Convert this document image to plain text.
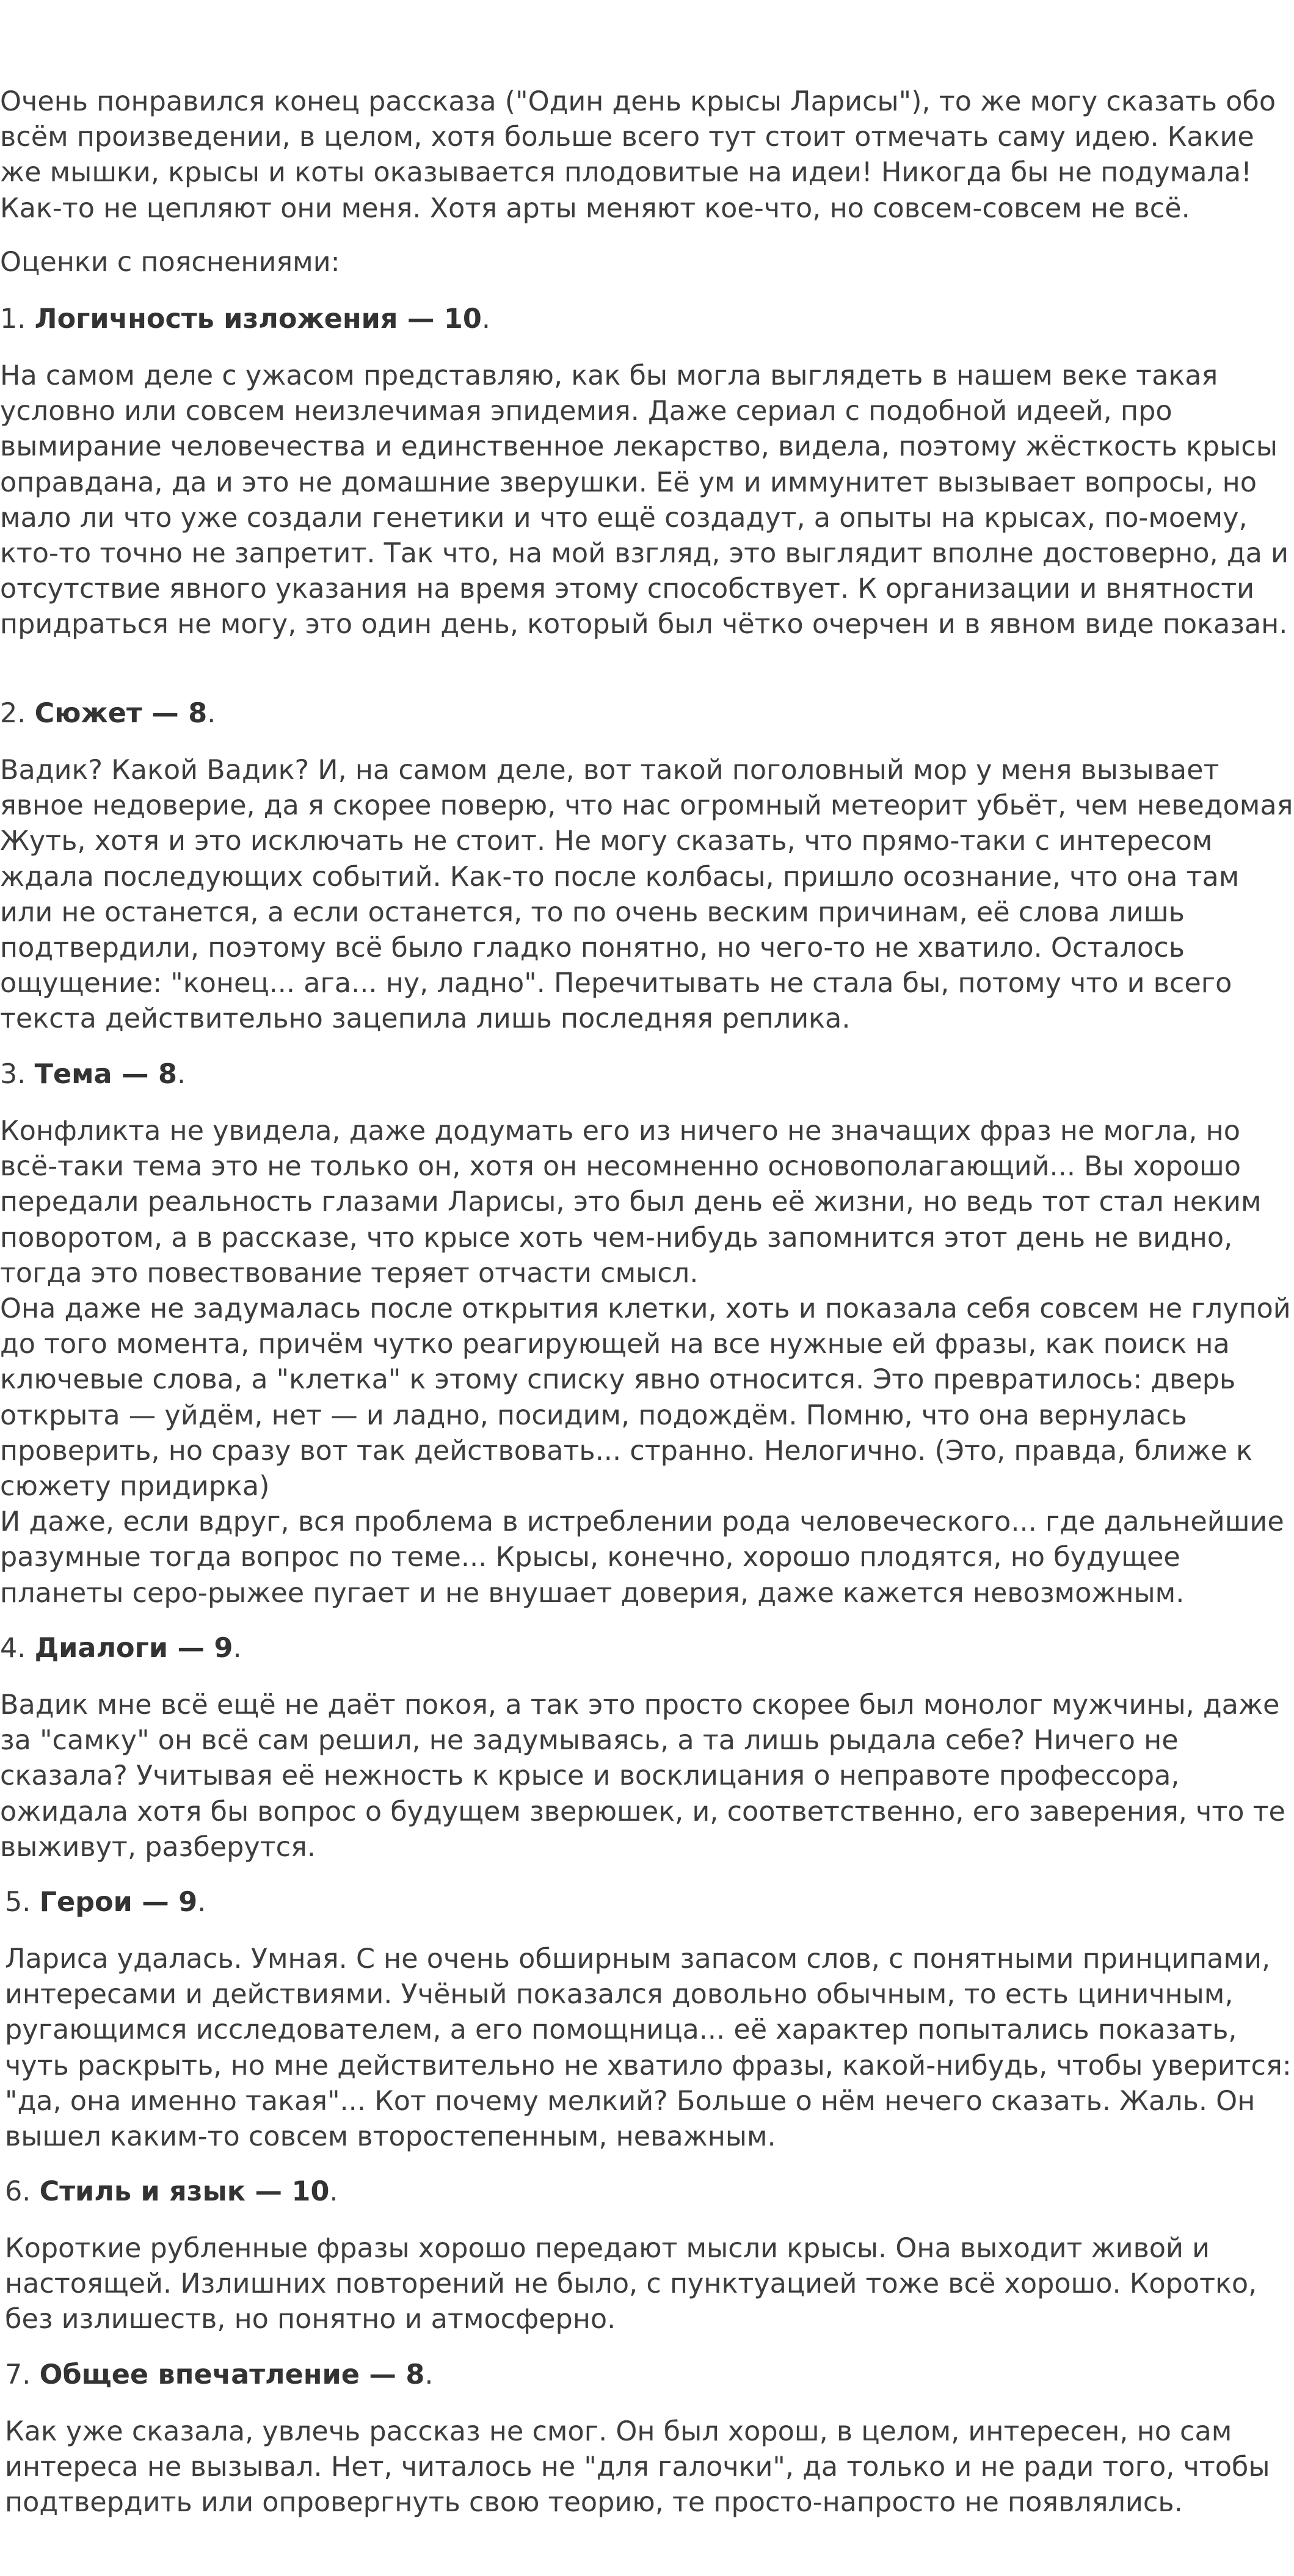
Очень понравился конец рассказа ("Один день крысы Ларисы"), то же могу сказать обо всём произведении, в целом, хотя больше всего тут стоит отмечать саму идею. Какие же мышки, крысы и коты оказывается плодовитые на идеи! Никогда бы не подумала! Как-то не цепляют они меня. Хотя арты меняют кое-что, но совсем-совсем не всё.

Оценки с пояснениями:

1. Логичность изложения — 10.

На самом деле с ужасом представляю, как бы могла выглядеть в нашем веке такая условно или совсем неизлечимая эпидемия. Даже сериал с подобной идеей, про вымирание человечества и единственное лекарство, видела, поэтому жёсткость крысы оправдана, да и это не домашние зверушки. Её ум и иммунитет вызывает вопросы, но мало ли что уже создали генетики и что ещё создадут, а опыты на крысах, по-моему, кто-то точно не запретит. Так что, на мой взгляд, это выглядит вполне достоверно, да и отсутствие явного указания на время этому способствует. К организации и внятности придраться не могу, это один день, который был чётко очерчен и в явном виде показан.

2. Сюжет — 8.

Вадик? Какой Вадик? И, на самом деле, вот такой поголовный мор у меня вызывает явное недоверие, да я скорее поверю, что нас огромный метеорит убьёт, чем неведомая Жуть, хотя и это исключать не стоит. Не могу сказать, что прямо-таки с интересом ждала последующих событий. Как-то после колбасы, пришло осознание, что она там или не останется, а если останется, то по очень веским причинам, её слова лишь подтвердили, поэтому всё было гладко понятно, но чего-то не хватило. Осталось ощущение: "конец... ага... ну, ладно". Перечитывать не стала бы, потому что и всего текста действительно зацепила лишь последняя реплика.

3. Тема — 8.

Конфликта не увидела, даже додумать его из ничего не значащих фраз не могла, но всё-таки тема это не только он, хотя он несомненно основополагающий... Вы хорошо передали реальность глазами Ларисы, это был день её жизни, но ведь тот стал неким поворотом, а в рассказе, что крысе хоть чем-нибудь запомнится этот день не видно, тогда это повествование теряет отчасти смысл.

Она даже не задумалась после открытия клетки, хоть и показала себя совсем не глупой до того момента, причём чутко реагирующей на все нужные ей фразы, как поиск на ключевые слова, а "клетка" к этому списку явно относится. Это превратилось: дверь открыта — уйдём, нет — и ладно, посидим, подождём. Помню, что она вернулась проверить, но сразу вот так действовать... странно. Нелогично. (Это, правда, ближе к сюжету придирка)

И даже, если вдруг, вся проблема в истреблении рода человеческого... где дальнейшие разумные тогда вопрос по теме... Крысы, конечно, хорошо плодятся, но будущее планеты серо-рыжее пугает и не внушает доверия, даже кажется невозможным.

4. Диалоги — 9.

Вадик мне всё ещё не даёт покоя, а так это просто скорее был монолог мужчины, даже за "самку" он всё сам решил, не задумываясь, а та лишь рыдала себе? Ничего не сказала? Учитывая её нежность к крысе и восклицания о неправоте профессора, ожидала хотя бы вопрос о будущем зверюшек, и, соответственно, его заверения, что те выживут, разберутся.

5. Герои — 9.

Лариса удалась. Умная. С не очень обширным запасом слов, с понятными принципами, интересами и действиями. Учёный показался довольно обычным, то есть циничным, ругающимся исследователем, а его помощница... её характер попытались показать, чуть раскрыть, но мне действительно не хватило фразы, какой-нибудь, чтобы уверится: "да, она именно такая"... Кот почему мелкий? Больше о нём нечего сказать. Жаль. Он вышел каким-то совсем второстепенным, неважным.

6. Стиль и язык — 10.

Короткие рубленные фразы хорошо передают мысли крысы. Она выходит живой и настоящей. Излишних повторений не было, с пунктуацией тоже всё хорошо. Коротко, без излишеств, но понятно и атмосферно.

7. Общее впечатление — 8.

Как уже сказала, увлечь рассказ не смог. Он был хорош, в целом, интересен, но сам интереса не вызывал. Нет, читалось не "для галочки", да только и не ради того, чтобы подтвердить или опровергнуть свою теорию, те просто-напросто не появлялись.
